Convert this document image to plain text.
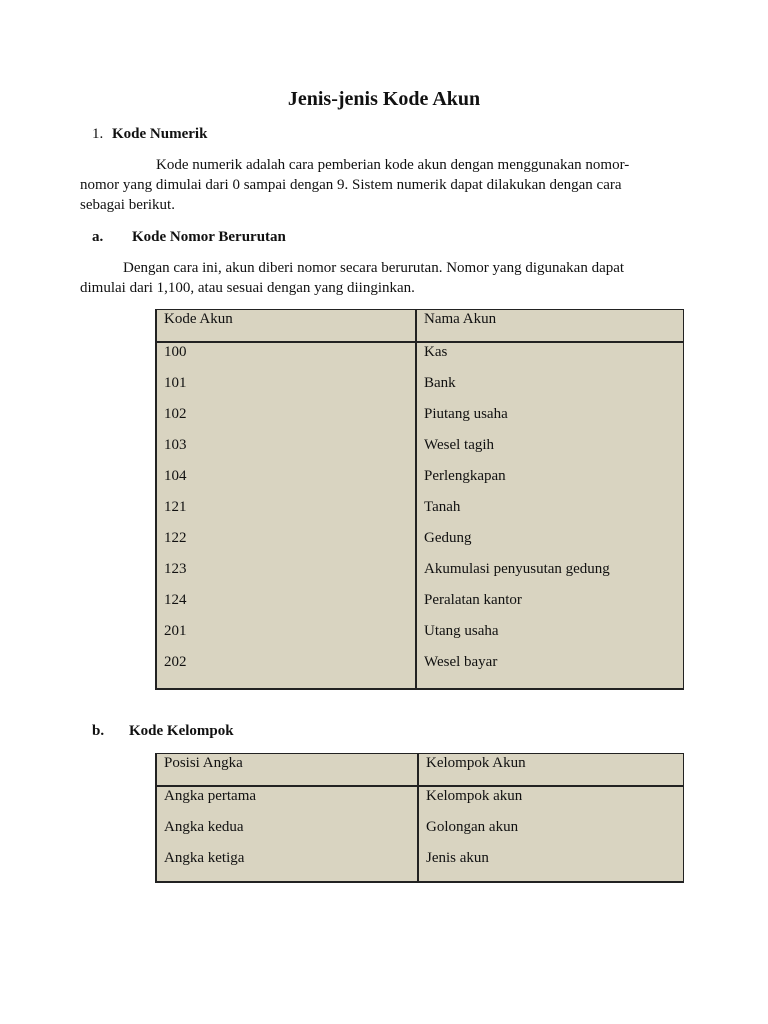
Jenis-jenis Kode Akun
1. Kode Numerik
Kode numerik adalah cara pemberian kode akun dengan menggunakan nomor-
nomor yang dimulai dari 0 sampai dengan 9. Sistem numerik dapat dilakukan dengan cara
sebagai berikut.
a. Kode Nomor Berurutan
Dengan cara ini, akun diberi nomor secara berurutan. Nomor yang digunakan dapat
dimulai dari 1,100, atau sesuai dengan yang diinginkan.
Kode Akun	Nama Akun
100	Kas
101	Bank
102	Piutang usaha
103	Wesel tagih
104	Perlengkapan
121	Tanah
122	Gedung
123	Akumulasi penyusutan gedung
124	Peralatan kantor
201	Utang usaha
202	Wesel bayar
b. Kode Kelompok
Posisi Angka	Kelompok Akun
Angka pertama	Kelompok akun
Angka kedua	Golongan akun
Angka ketiga	Jenis akun
